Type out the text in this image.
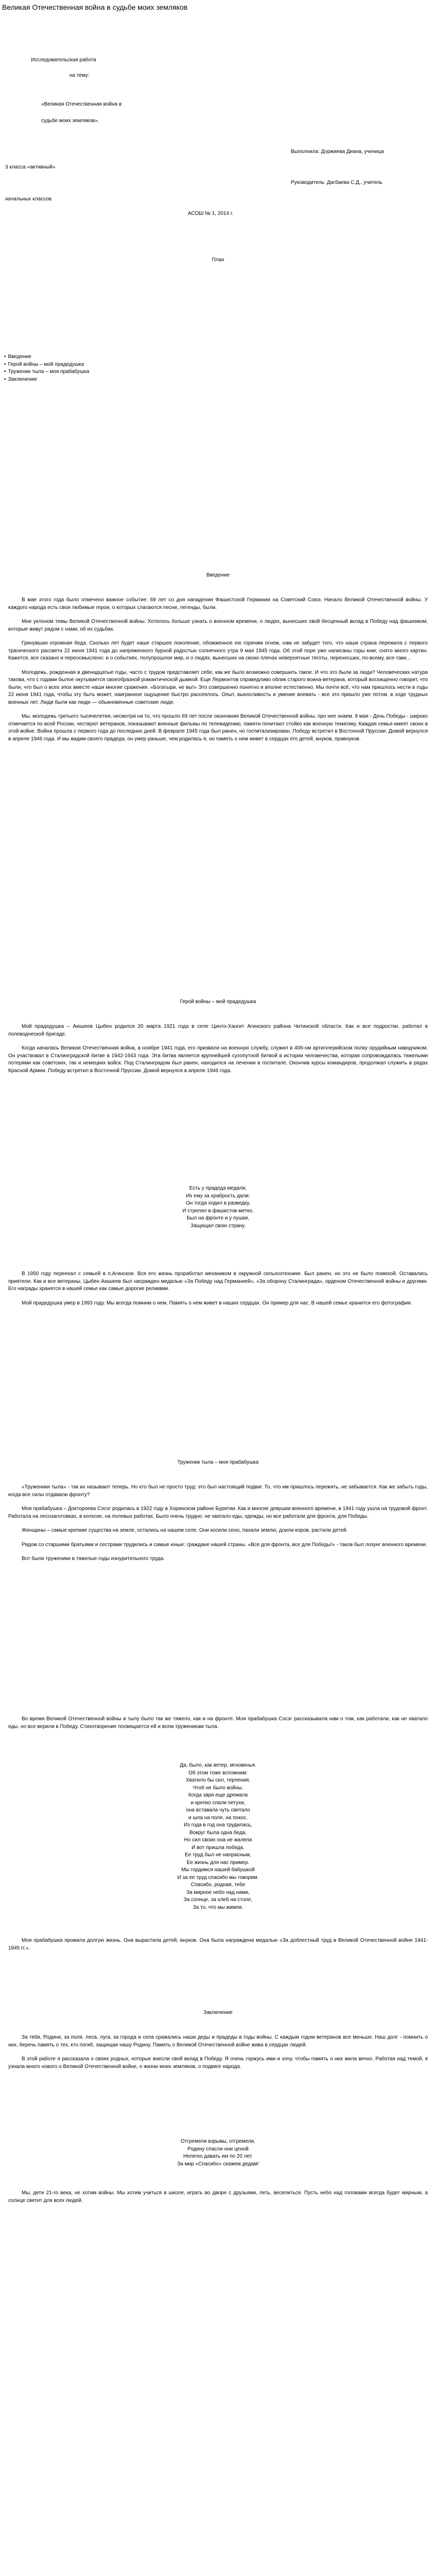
Великая Отечественная война в судьбе моих земляков
Исследовательская работа
на тему:
«Великая Отечественная война в
судьбе моих земляков».
Выполнила: Доржиева Диана, ученица
3 класса «активный»
Руководитель: Дагбаева С.Д., учитель
начальных классов
АСОШ № 1, 2014 г.
План
• Введение
• Герой войны – мой прадедушка
• Труженик тыла – моя прабабушка
• Заключение
Введение

В мае этого года было отмечено важное событие: 69 лет со дня нападения Фашистской Германии на Советский Союз. Начало Великой Отечественной войны. У каждого народа есть свои любимые герои, о которых слагаются песни, легенды, были.

Мне уклоном темы Великой Отечественной войны. Хотелось больше узнать о военном времени, о людях, вынесших свой бесценный вклад в Победу над фашизмом, которые живут рядом с нами, об их судьбах.

Грянувшая огромная беда. Сколько лет будет наше старшее поколение, обожженное ею горячим огнем, нам не забудет того, что наши страна пережила с первого трагического рассвета 22 июня 1941 года до напряженного бурной радостью солнечного утра 9 мая 1945 года. Об этой поре уже написаны горы книг, снято много картин. Кажется, все сказано и переосмыслено: и о событиях, полупрошлое мир, и о людях, вынесших на своих плечах невероятные тяготы, перенесших, по-всему, все-таки...

Молодежь, рожденная в двенадцатые годы, часто с трудом представляет себе, как же было возможно совершить такое. И что это были за люди? Человеческих натура такова, что с годами былое окутывается своеобразной романтической дымкой. Еще Лермонтов справедливо облик старого воина-ветерана, который восхищенно говорит, что были, что был о всех эпох вместе наши многие сражения. «Богатыри, не вы!» Это совершенно понятно и вполне естественно. Мы почти всё, что нам пришлось нести в годы 22 июня 1941 года, чтобы эту быть может, наигранное ощущение быстро рассеялось. Опыт, выносливость и умение воевать - все это пришло уже потом, в ходе трудных военных лет. Люди были как люди — обыкновенные советские люди.

Мы, молодежь третьего тысячелетия, несмотря на то, что прошло 69 лет после окончания Великой Отечественной войны, про нее знаем. 9 мая - День Победы - широко отмечается по всей России, чествуют ветеранов, показывают военные фильмы по телевидению, памяти почитают стойко как военную тематику. Каждая семья имеет своих в этой войне. Война прошла с первого года до последних дней. В феврале 1945 года был ранен, но госпитализирован. Победу встретил в Восточной Пруссии. Домой вернулся в апреле 1946 года. И мы видим своего прадеда, он умер раньше, чем родилась я, но память о нем живет в сердцах его детей, внуков, правнуков.

Герой войны – мой прадедушка

Мой прадедушка – Аюшеев Цыбен родился 20 марта 1921 года в селе Цинто-Хангит Агинского района Читинской области. Как и все подростки, работал в полеводческой бригаде.

Когда началась Великая Отечественная война, в ноябре 1941 года, его призвали на военную службу, служил в 406-ом артиллерийском полку орудийным наводчиком. Он участвовал в Сталинградской битве в 1942-1943 года. Эта битва является крупнейшей сухопутной битвой в истории человечества, которая сопровождалась тяжелыми потерями как советских, так и немецких войск. Под Сталинградом был ранен, находился на лечении в госпитале. Окончив курсы командиров, продолжал служить в рядах Красной Армии. Победу встретил в Восточной Пруссии. Домой вернулся в апреле 1946 года.

Есть у прадеда медали,
Их ему за храбрость дали.
Он тогда ходил в разведку,
И стрелял в фашистов метко.
Был на фронте и у пушки,
Защищал свою страну.

В 1950 году переехал с семьей в п.Агинское. Вся его жизнь проработал механиком в окружной сельхозтехнике. Был ранен, но это не было помехой. Оставались приятели. Как и все ветераны, Цыбен Аюшеев был награжден медалью «За Победу над Германией», «За оборону Сталинграда», орденом Отечественной войны и другими. Его награды хранятся в нашей семье как самые дорогие реликвии.

Мой прадедушка умер в 1993 году. Мы всегда помним о нем. Память о нем живет в наших сердцах. Он пример для нас. В нашей семье хранится его фотография.

Труженик тыла – моя прабабушка

«Труженики тыла» - так их называют теперь. Но кто был не просто труд: это был настоящий подвиг. То, что им пришлось пережить, не забывается. Как же забыть годы, когда все силы отдавали фронту?

Моя прабабушка – Доктороева Сэсэг родилась в 1922 году в Хоринском районе Бурятии. Как и многие девушки военного времени, в 1941 году ушла на трудовой фронт. Работала на лесозаготовках, в колхозе, на полевых работах. Было очень трудно: не хватало еды, одежды, но все работали для фронта, для Победы.

Женщины – самые крепкие существа на земле, остались на нашем селе. Они косили сено, пахали землю, доили коров, растили детей.

Рядом со старшими братьями и сестрами трудились и самые юные: граждане нашей страны. «Все для фронта, все для Победы!» - таков был лозунг военного времени.

Вот были труженики в тяжелые годы изнурительного труда.

Во время Великой Отечественной войны в тылу было так же тяжело, как и на фронте. Моя прабабушка Сэсэг рассказывала нам о том, как работали, как не хватало еды, но все верили в Победу. Стихотворение посвящается ей и всем труженикам тыла.

Да, было, как ветер, мгновенья.
Об этом тоже вспомним:
Хватило бы сил, терпения.
Чтоб не было войны.
Когда заря еще дремала
и крепко спали петухи,
она вставала чуть светало
и шла на поле, на покос.
Из года в год она трудилась,
Вокруг была одна беда,
Но сил своих она не жалела
И вот пришла победа.
Ее труд был не напрасным,
Ее жизнь для нас пример.
Мы гордимся нашей бабушкой
И за ее труд спасибо мы говорим.
Спасибо, родная, тебе
За мирное небо над нами,
За солнце, за хлеб на столе,
За то, что мы живем.

Моя прабабушка прожила долгую жизнь. Она вырастила детей, внуков. Она была награждена медалью «За доблестный труд в Великой Отечественной войне 1941-1945 гг.».

Заключение

За тебя, Родина, за поля, леса, луга, за города и села сражались наши деды и прадеды в годы войны. С каждым годом ветеранов все меньше. Наш долг - помнить о них, беречь память о тех, кто погиб, защищая нашу Родину. Память о Великой Отечественной войне жива в сердцах людей.

В этой работе я рассказала о своих родных, которые внесли свой вклад в Победу. Я очень горжусь ими и хочу, чтобы память о них жила вечно. Работая над темой, я узнала много нового о Великой Отечественной войне, о жизни моих земляков, о подвиге народа.

Отгремели взрывы, отгремели,
Родину спасли они ценой
Нелегко давать им по 20 лет.
За мир «Спасибо» скажем дедам!

Мы, дети 21-го века, не хотим войны. Мы хотим учиться в школе, играть во дворе с друзьями, петь, веселиться. Пусть небо над головами всегда будет мирным, а солнце светит для всех людей.
